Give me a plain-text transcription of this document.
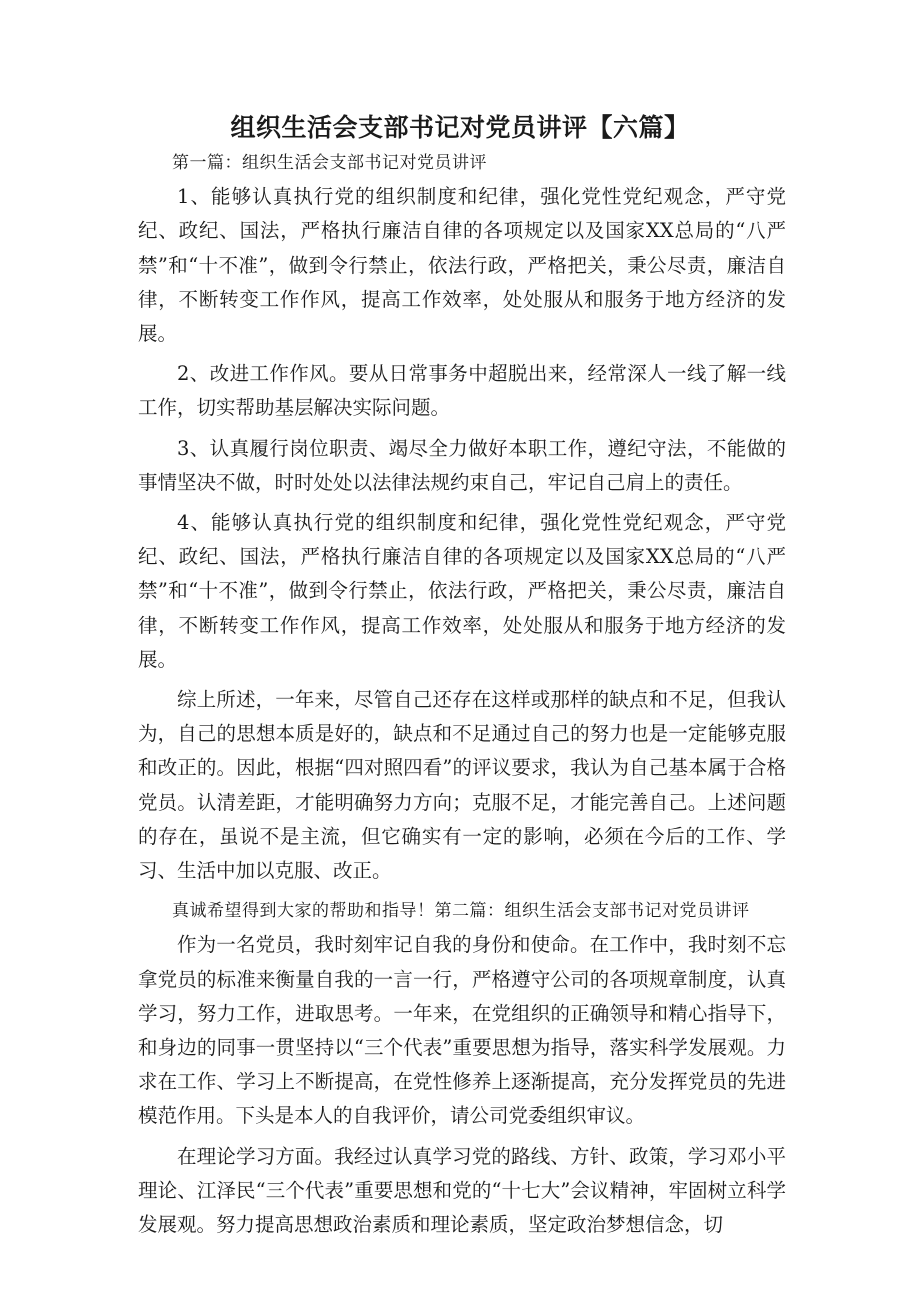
组织生活会支部书记对党员讲评【六篇】

第一篇：组织生活会支部书记对党员讲评

1、能够认真执行党的组织制度和纪律，强化党性党纪观念，严守党纪、政纪、国法，严格执行廉洁自律的各项规定以及国家XX总局的“八严禁”和“十不准”，做到令行禁止，依法行政，严格把关，秉公尽责，廉洁自律，不断转变工作作风，提高工作效率，处处服从和服务于地方经济的发展。

2、改进工作作风。要从日常事务中超脱出来，经常深人一线了解一线工作，切实帮助基层解决实际问题。

3、认真履行岗位职责、竭尽全力做好本职工作，遵纪守法，不能做的事情坚决不做，时时处处以法律法规约束自己，牢记自己肩上的责任。

4、能够认真执行党的组织制度和纪律，强化党性党纪观念，严守党纪、政纪、国法，严格执行廉洁自律的各项规定以及国家XX总局的“八严禁”和“十不准”，做到令行禁止，依法行政，严格把关，秉公尽责，廉洁自律，不断转变工作作风，提高工作效率，处处服从和服务于地方经济的发展。

综上所述，一年来，尽管自己还存在这样或那样的缺点和不足，但我认为，自己的思想本质是好的，缺点和不足通过自己的努力也是一定能够克服和改正的。因此，根据“四对照四看”的评议要求，我认为自己基本属于合格党员。认清差距，才能明确努力方向；克服不足，才能完善自己。上述问题的存在，虽说不是主流，但它确实有一定的影响，必须在今后的工作、学习、生活中加以克服、改正。

真诚希望得到大家的帮助和指导！第二篇：组织生活会支部书记对党员讲评

作为一名党员，我时刻牢记自我的身份和使命。在工作中，我时刻不忘拿党员的标准来衡量自我的一言一行，严格遵守公司的各项规章制度，认真学习，努力工作，进取思考。一年来，在党组织的正确领导和精心指导下，和身边的同事一贯坚持以“三个代表”重要思想为指导，落实科学发展观。力求在工作、学习上不断提高，在党性修养上逐渐提高，充分发挥党员的先进模范作用。下头是本人的自我评价，请公司党委组织审议。

在理论学习方面。我经过认真学习党的路线、方针、政策，学习邓小平理论、江泽民“三个代表”重要思想和党的“十七大”会议精神，牢固树立科学发展观。努力提高思想政治素质和理论素质，坚定政治梦想信念，切
